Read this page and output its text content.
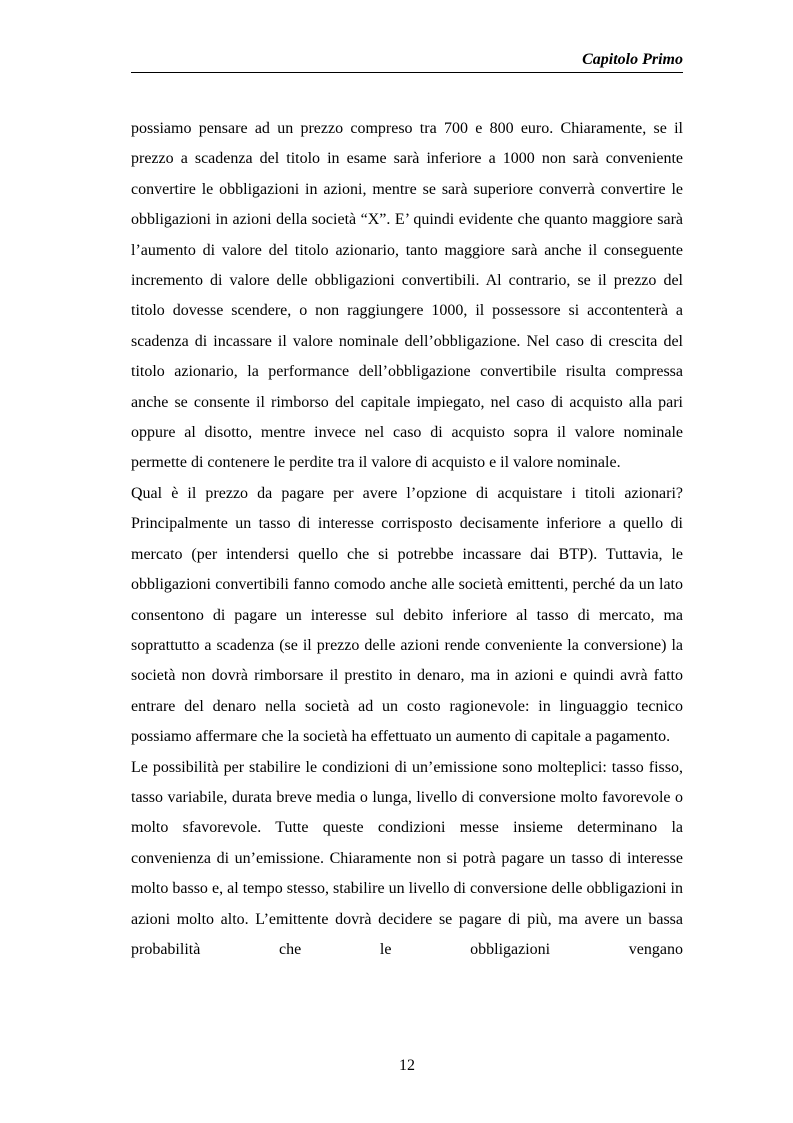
Capitolo Primo

possiamo pensare ad un prezzo compreso tra 700 e 800 euro. Chiaramente, se il prezzo a scadenza del titolo in esame sarà inferiore a 1000 non sarà conveniente convertire le obbligazioni in azioni, mentre se sarà superiore converrà convertire le obbligazioni in azioni della società “X”. E’ quindi evidente che quanto maggiore sarà l’aumento di valore del titolo azionario, tanto maggiore sarà anche il conseguente incremento di valore delle obbligazioni convertibili. Al contrario, se il prezzo del titolo dovesse scendere, o non raggiungere 1000, il possessore si accontenterà a scadenza di incassare il valore nominale dell’obbligazione. Nel caso di crescita del titolo azionario, la performance dell’obbligazione convertibile risulta compressa anche se consente il rimborso del capitale impiegato, nel caso di acquisto alla pari oppure al disotto, mentre invece nel caso di acquisto sopra il valore nominale permette di contenere le perdite tra il valore di acquisto e il valore nominale.

Qual è il prezzo da pagare per avere l’opzione di acquistare i titoli azionari? Principalmente un tasso di interesse corrisposto decisamente inferiore a quello di mercato (per intendersi quello che si potrebbe incassare dai BTP). Tuttavia, le obbligazioni convertibili fanno comodo anche alle società emittenti, perché da un lato consentono di pagare un interesse sul debito inferiore al tasso di mercato, ma soprattutto a scadenza (se il prezzo delle azioni rende conveniente la conversione) la società non dovrà rimborsare il prestito in denaro, ma in azioni e quindi avrà fatto entrare del denaro nella società ad un costo ragionevole: in linguaggio tecnico possiamo affermare che la società ha effettuato un aumento di capitale a pagamento.

Le possibilità per stabilire le condizioni di un’emissione sono molteplici: tasso fisso, tasso variabile, durata breve media o lunga, livello di conversione molto favorevole o molto sfavorevole. Tutte queste condizioni messe insieme determinano la convenienza di un’emissione. Chiaramente non si potrà pagare un tasso di interesse molto basso e, al tempo stesso, stabilire un livello di conversione delle obbligazioni in azioni molto alto. L’emittente dovrà decidere se pagare di più, ma avere un bassa probabilità che le obbligazioni vengano

12
